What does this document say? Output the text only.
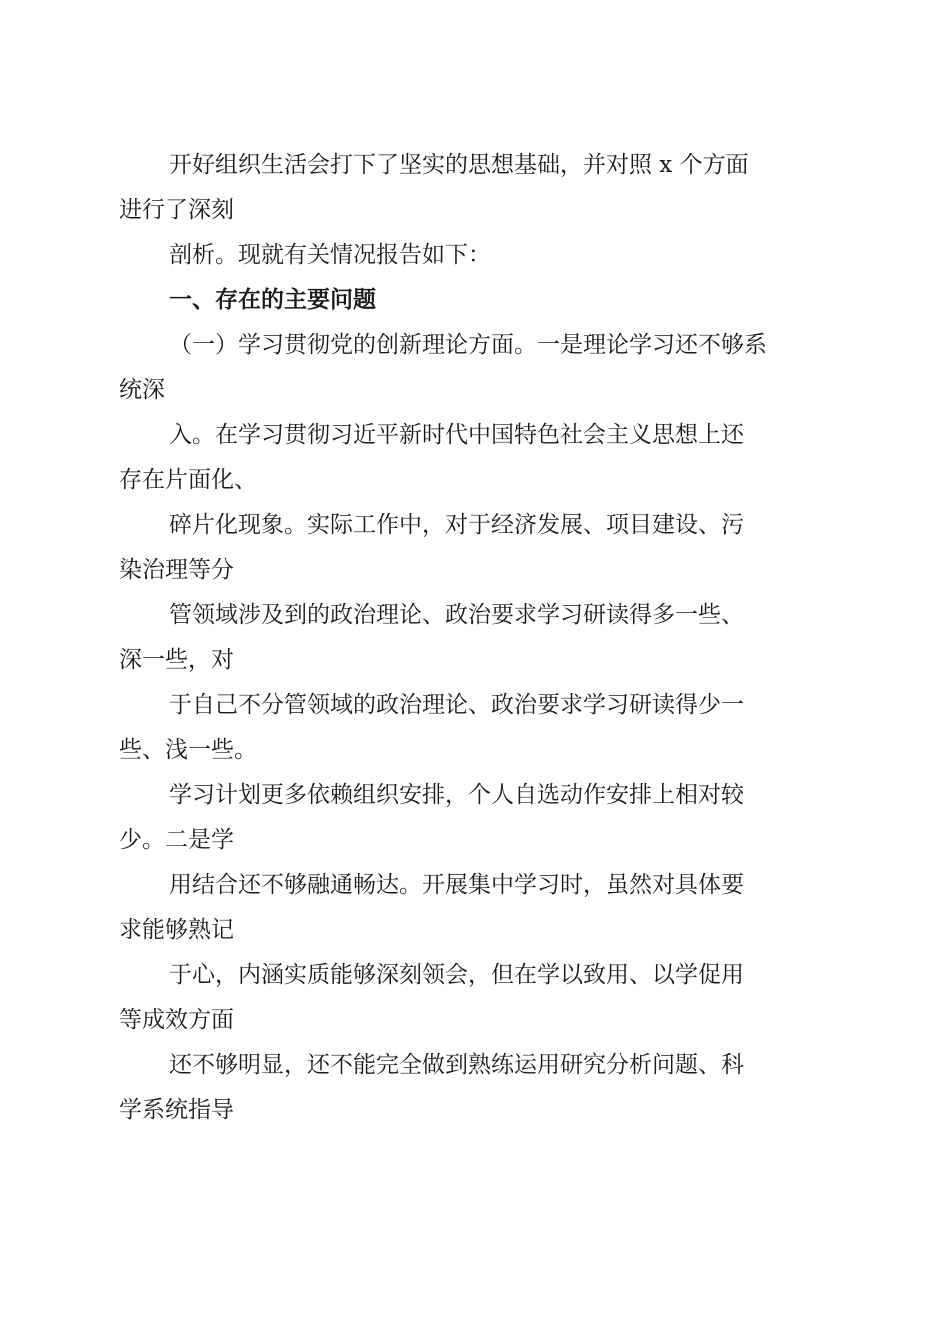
开好组织生活会打下了坚实的思想基础，并对照 x 个方面
进行了深刻
剖析。现就有关情况报告如下：
一、存在的主要问题
（一）学习贯彻党的创新理论方面。一是理论学习还不够系
统深
入。在学习贯彻习近平新时代中国特色社会主义思想上还
存在片面化、
碎片化现象。实际工作中，对于经济发展、项目建设、污
染治理等分
管领域涉及到的政治理论、政治要求学习研读得多一些、
深一些，对
于自己不分管领域的政治理论、政治要求学习研读得少一
些、浅一些。
学习计划更多依赖组织安排，个人自选动作安排上相对较
少。二是学
用结合还不够融通畅达。开展集中学习时，虽然对具体要
求能够熟记
于心，内涵实质能够深刻领会，但在学以致用、以学促用
等成效方面
还不够明显，还不能完全做到熟练运用研究分析问题、科
学系统指导
